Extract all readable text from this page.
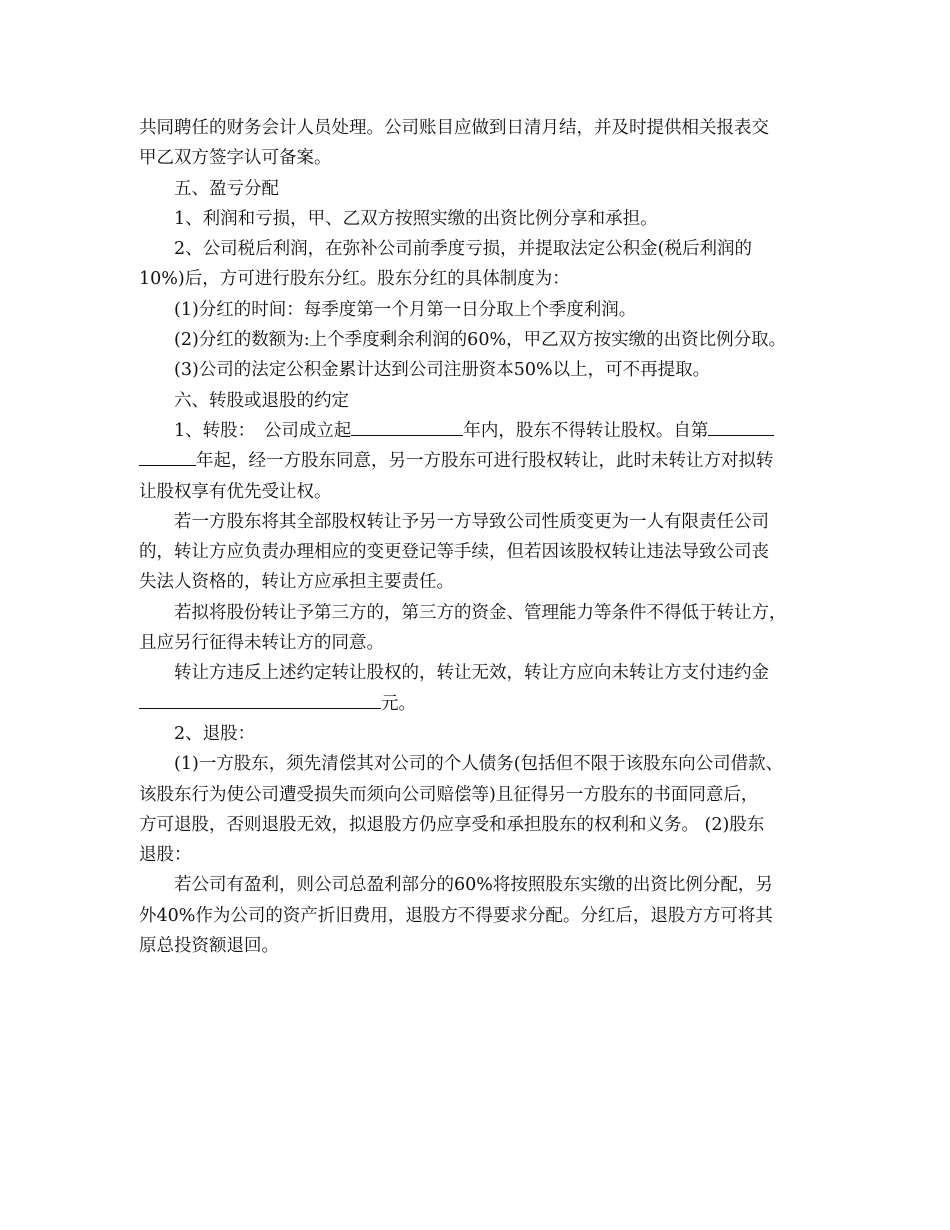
共同聘任的财务会计人员处理。公司账目应做到日清月结，并及时提供相关报表交
甲乙双方签字认可备案。
五、盈亏分配
1、利润和亏损，甲、乙双方按照实缴的出资比例分享和承担。
2、公司税后利润，在弥补公司前季度亏损，并提取法定公积金(税后利润的
10%)后，方可进行股东分红。股东分红的具体制度为：
(1)分红的时间：每季度第一个月第一日分取上个季度利润。
(2)分红的数额为:上个季度剩余利润的60%，甲乙双方按实缴的出资比例分取。
(3)公司的法定公积金累计达到公司注册资本50%以上，可不再提取。
六、转股或退股的约定
1、转股：　公司成立起	年内，股东不得转让股权。自第
年起，经一方股东同意，另一方股东可进行股权转让，此时未转让方对拟转
让股权享有优先受让权。
若一方股东将其全部股权转让予另一方导致公司性质变更为一人有限责任公司
的，转让方应负责办理相应的变更登记等手续，但若因该股权转让违法导致公司丧
失法人资格的，转让方应承担主要责任。
若拟将股份转让予第三方的，第三方的资金、管理能力等条件不得低于转让方，
且应另行征得未转让方的同意。
转让方违反上述约定转让股权的，转让无效，转让方应向未转让方支付违约金
元。
2、退股：
(1)一方股东，须先清偿其对公司的个人债务(包括但不限于该股东向公司借款、
该股东行为使公司遭受损失而须向公司赔偿等)且征得另一方股东的书面同意后，
方可退股，否则退股无效，拟退股方仍应享受和承担股东的权利和义务。 (2)股东
退股：
若公司有盈利，则公司总盈利部分的60%将按照股东实缴的出资比例分配，另
外40%作为公司的资产折旧费用，退股方不得要求分配。分红后，退股方方可将其
原总投资额退回。
